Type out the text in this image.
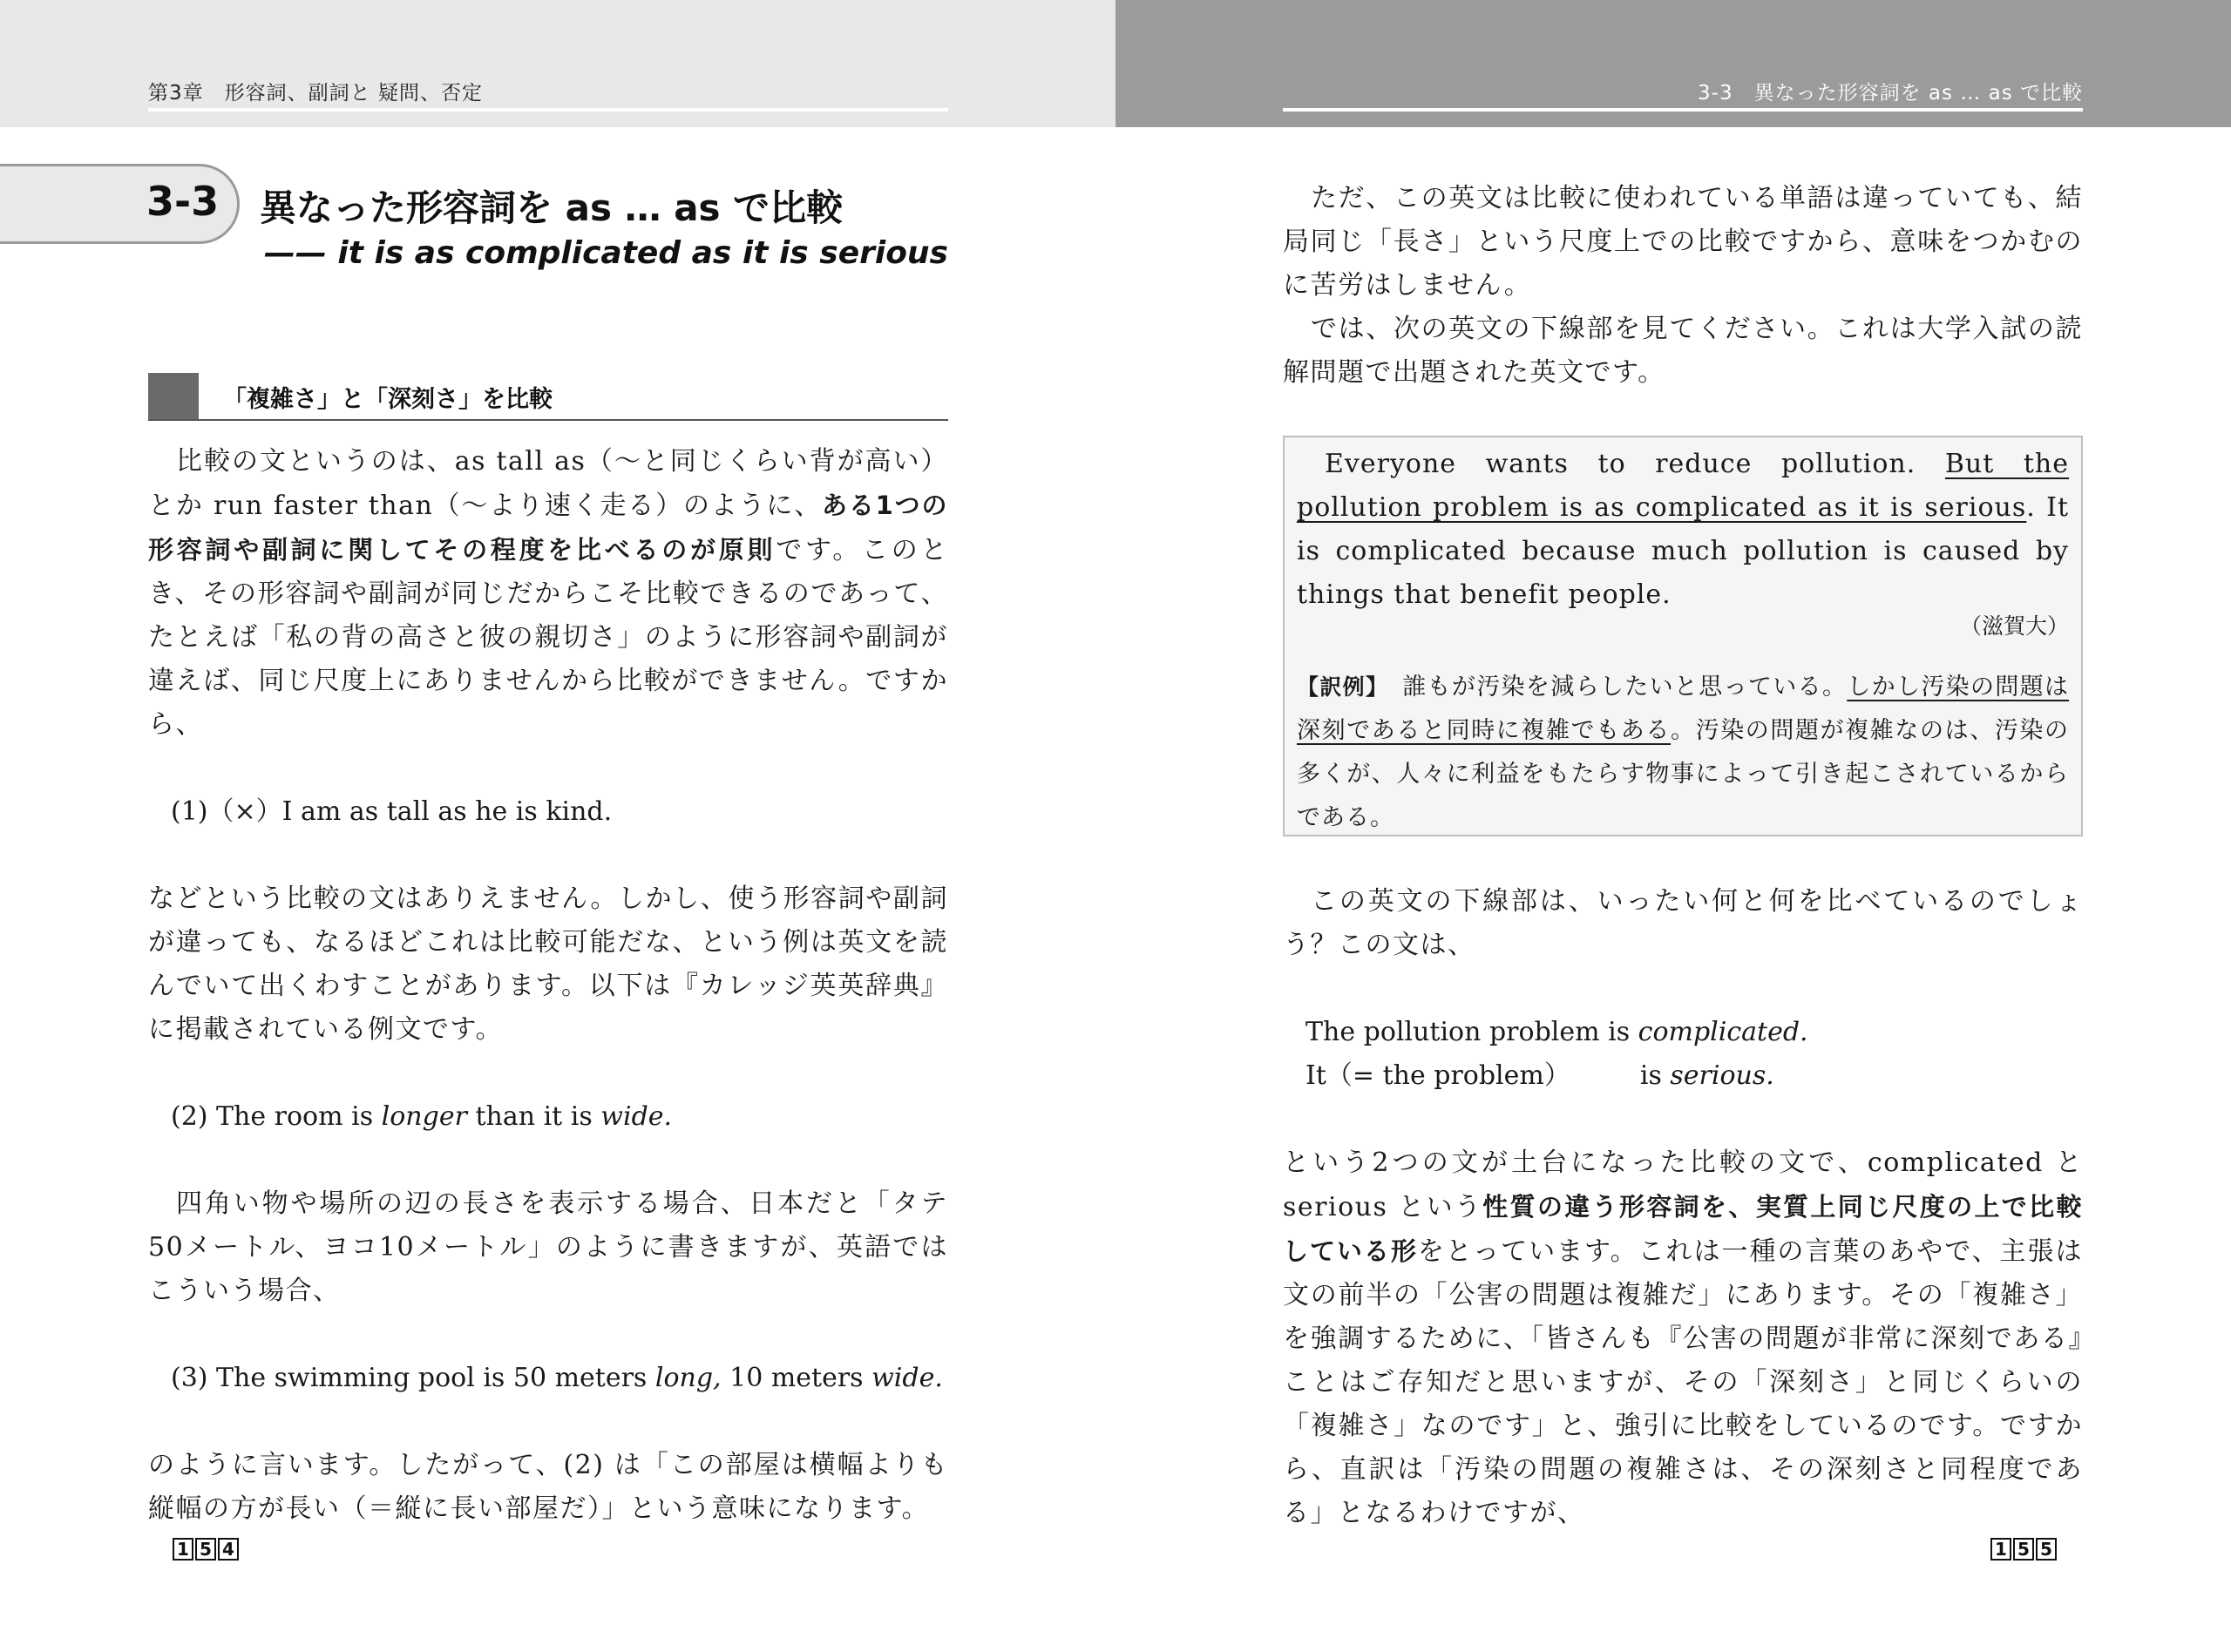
第3章　形容詞、副詞と 疑問、否定	3-3　異なった形容詞を as … as で比較
3-3 異なった形容詞を as … as で比較
—— it is as complicated as it is serious
「複雑さ」と「深刻さ」を比較

比較の文というのは、as tall as（〜と同じくらい背が高い）とか run faster than（〜より速く走る）のように、ある1つの形容詞や副詞に関してその程度を比べるのが原則です。このとき、その形容詞や副詞が同じだからこそ比較できるのであって、たとえば「私の背の高さと彼の親切さ」のように形容詞や副詞が違えば、同じ尺度上にありませんから比較ができません。ですから、

(1)（×）I am as tall as he is kind.

などという比較の文はありえません。しかし、使う形容詞や副詞が違っても、なるほどこれは比較可能だな、という例は英文を読んでいて出くわすことがあります。以下は『カレッジ英英辞典』に掲載されている例文です。

(2) The room is longer than it is wide.

四角い物や場所の辺の長さを表示する場合、日本だと「タテ50メートル、ヨコ10メートル」のように書きますが、英語ではこういう場合、

(3) The swimming pool is 50 meters long, 10 meters wide.

のように言います。したがって、(2) は「この部屋は横幅よりも縦幅の方が長い（＝縦に長い部屋だ）」という意味になります。

ただ、この英文は比較に使われている単語は違っていても、結局同じ「長さ」という尺度上での比較ですから、意味をつかむのに苦労はしません。

では、次の英文の下線部を見てください。これは大学入試の読解問題で出題された英文です。

Everyone wants to reduce pollution. But the pollution problem is as complicated as it is serious. It is complicated because much pollution is caused by things that benefit people.

（滋賀大）

【訳例】　誰もが汚染を減らしたいと思っている。しかし汚染の問題は深刻であると同時に複雑でもある。汚染の問題が複雑なのは、汚染の多くが、人々に利益をもたらす物事によって引き起こされているからである。

この英文の下線部は、いったい何と何を比べているのでしょう？この文は、

The pollution problem is complicated.

It（= the problem）	is serious.

という2つの文が土台になった比較の文で、complicated と serious という性質の違う形容詞を、実質上同じ尺度の上で比較している形をとっています。これは一種の言葉のあやで、主張は文の前半の「公害の問題は複雑だ」にあります。その「複雑さ」を強調するために、「皆さんも『公害の問題が非常に深刻である』ことはご存知だと思いますが、その「深刻さ」と同じくらいの「複雑さ」なのです」と、強引に比較をしているのです。ですから、直訳は「汚染の問題の複雑さは、その深刻さと同程度である」となるわけですが、

1 5 4	1 5 5
